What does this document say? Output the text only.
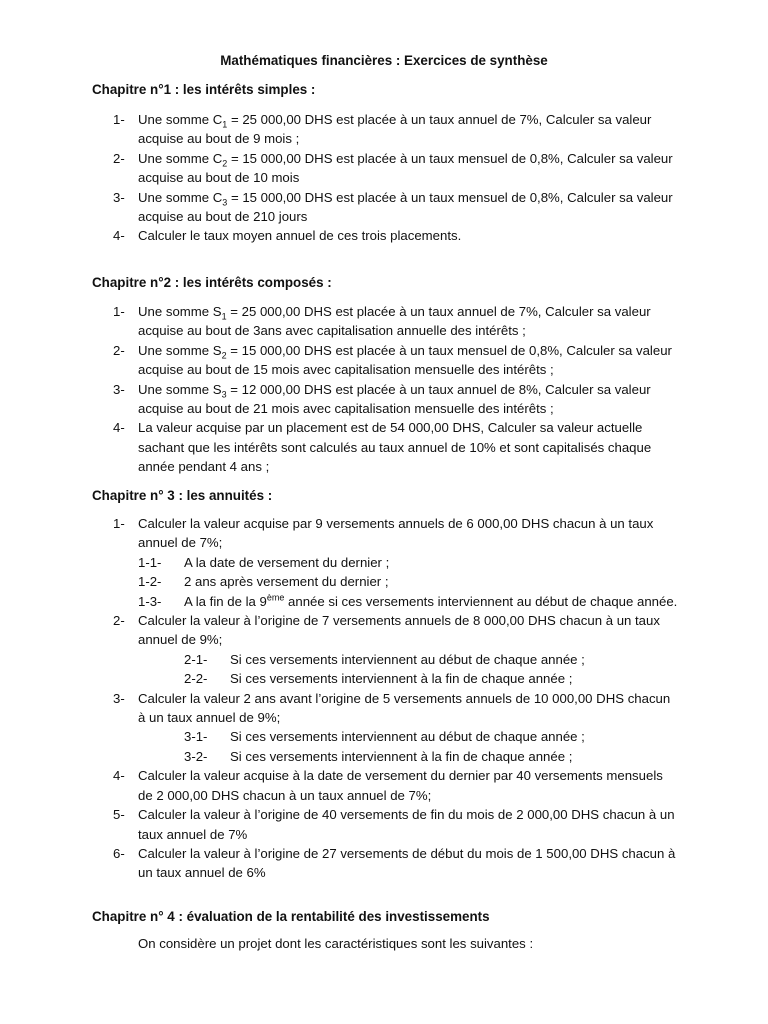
Mathématiques financières : Exercices de synthèse
Chapitre n°1 : les intérêts simples :
1- Une somme $C_1 = 25$ 000,00 DHS est placée à un taux annuel de 7%, Calculer sa valeur acquise au bout de 9 mois ;
2- Une somme $C_2 = 15$ 000,00 DHS est placée à un taux mensuel de 0,8%, Calculer sa valeur acquise au bout de 10 mois
3- Une somme $C_3 = 15$ 000,00 DHS est placée à un taux mensuel de 0,8%, Calculer sa valeur acquise au bout de 210 jours
4- Calculer le taux moyen annuel de ces trois placements.
Chapitre n°2 : les intérêts composés :
1- Une somme $S_1 = 25$ 000,00 DHS est placée à un taux annuel de 7%, Calculer sa valeur acquise au bout de 3ans avec capitalisation annuelle des intérêts ;
2- Une somme $S_2 = 15$ 000,00 DHS est placée à un taux mensuel de 0,8%, Calculer sa valeur acquise au bout de 15 mois avec capitalisation mensuelle des intérêts ;
3- Une somme $S_3 = 12$ 000,00 DHS est placée à un taux annuel de 8%, Calculer sa valeur acquise au bout de 21 mois avec capitalisation mensuelle des intérêts ;
4- La valeur acquise par un placement est de 54 000,00 DHS, Calculer sa valeur actuelle sachant que les intérêts sont calculés au taux annuel de 10% et sont capitalisés chaque année pendant 4 ans ;
Chapitre n° 3 : les annuités :
1- Calculer la valeur acquise par 9 versements annuels de 6 000,00 DHS chacun à un taux annuel de 7%;
1-1- A la date de versement du dernier ;
1-2- 2 ans après versement du dernier ;
1-3- A la fin de la 9ème année si ces versements interviennent au début de chaque année.
2- Calculer la valeur à l’origine de 7 versements annuels de 8 000,00 DHS chacun à un taux annuel de 9%;
2-1- Si ces versements interviennent au début de chaque année ;
2-2- Si ces versements interviennent à la fin de chaque année ;
3- Calculer la valeur 2 ans avant l’origine de 5 versements annuels de 10 000,00 DHS chacun à un taux annuel de 9%;
3-1- Si ces versements interviennent au début de chaque année ;
3-2- Si ces versements interviennent à la fin de chaque année ;
4- Calculer la valeur acquise à la date de versement du dernier par 40 versements mensuels de 2 000,00 DHS chacun à un taux annuel de 7%;
5- Calculer la valeur à l’origine de 40 versements de fin du mois de 2 000,00 DHS chacun à un taux annuel de 7%
6- Calculer la valeur à l’origine de 27 versements de début du mois de 1 500,00 DHS chacun à un taux annuel de 6%
Chapitre n° 4 : évaluation de la rentabilité des investissements
On considère un projet dont les caractéristiques sont les suivantes :
